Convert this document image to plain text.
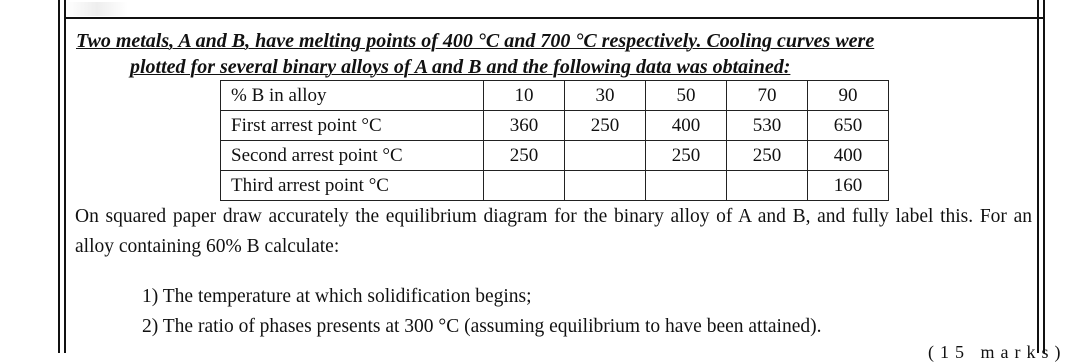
Two metals, A and B, have melting points of 400 °C and 700 °C respectively. Cooling curves were
plotted for several binary alloys of A and B and the following data was obtained:
% B in alloy	10	30	50	70	90
First arrest point °C	360	250	400	530	650
Second arrest point °C	250		250	250	400
Third arrest point °C					160
On squared paper draw accurately the equilibrium diagram for the binary alloy of A and B, and fully label this. For an alloy containing 60% B calculate:
1) The temperature at which solidification begins;
2) The ratio of phases presents at 300 °C (assuming equilibrium to have been attained).
(15 marks)
